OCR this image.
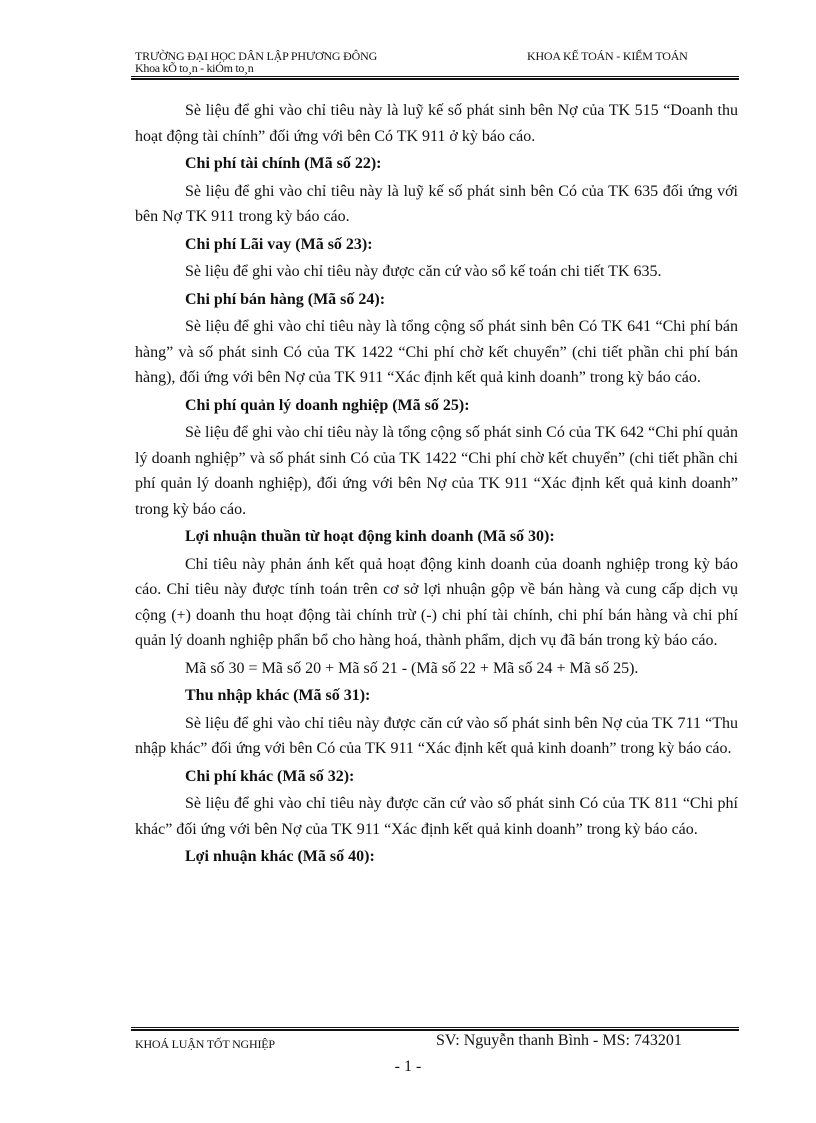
TRƯỜNG ĐẠI HỌC DÂN LẬP PHƯƠNG ĐÔNG
Khoa kÕ to¸n - kiÓm to¸n
KHOA KẾ TOÁN - KIỂM TOÁN

Sè liệu để ghi vào chỉ tiêu này là luỹ kế số phát sinh bên Nợ của TK 515 “Doanh thu hoạt động tài chính” đối ứng với bên Có TK 911 ở kỳ báo cáo.

Chi phí tài chính (Mã số 22):

Sè liệu để ghi vào chỉ tiêu này là luỹ kế số phát sinh bên Có của TK 635 đối ứng với bên Nợ TK 911 trong kỳ báo cáo.

Chi phí Lãi vay (Mã số 23):

Sè liệu để ghi vào chỉ tiêu này được căn cứ vào sổ kế toán chi tiết TK 635.

Chi phí bán hàng (Mã số 24):

Sè liệu để ghi vào chỉ tiêu này là tổng cộng số phát sinh bên Có TK 641 “Chi phí bán hàng” và số phát sinh Có của TK 1422 “Chi phí chờ kết chuyển” (chi tiết phần chi phí bán hàng), đối ứng với bên Nợ của TK 911 “Xác định kết quả kinh doanh” trong kỳ báo cáo.

Chi phí quản lý doanh nghiệp (Mã số 25):

Sè liệu để ghi vào chỉ tiêu này là tổng cộng số phát sinh Có của TK 642 “Chi phí quản lý doanh nghiệp” và số phát sinh Có của TK 1422 “Chi phí chờ kết chuyển” (chi tiết phần chi phí quản lý doanh nghiệp), đối ứng với bên Nợ của TK 911 “Xác định kết quả kinh doanh” trong kỳ báo cáo.

Lợi nhuận thuần từ hoạt động kinh doanh (Mã số 30):

Chỉ tiêu này phản ánh kết quả hoạt động kinh doanh của doanh nghiệp trong kỳ báo cáo. Chỉ tiêu này được tính toán trên cơ sở lợi nhuận gộp về bán hàng và cung cấp dịch vụ cộng (+) doanh thu hoạt động tài chính trừ (-) chi phí tài chính, chi phí bán hàng và chi phí quản lý doanh nghiệp phẩn bổ cho hàng hoá, thành phẩm, dịch vụ đã bán trong kỳ báo cáo.

Mã số 30 = Mã số 20 + Mã số 21 - (Mã số 22 + Mã số 24 + Mã số 25).

Thu nhập khác (Mã số 31):

Sè liệu để ghi vào chỉ tiêu này được căn cứ vào số phát sinh bên Nợ của TK 711 “Thu nhập khác” đối ứng với bên Có của TK 911 “Xác định kết quả kinh doanh” trong kỳ báo cáo.

Chi phí khác (Mã số 32):

Sè liệu để ghi vào chỉ tiêu này được căn cứ vào số phát sinh Có của TK 811 “Chi phí khác” đối ứng với bên Nợ của TK 911 “Xác định kết quả kinh doanh” trong kỳ báo cáo.

Lợi nhuận khác (Mã số 40):

KHOÁ LUẬN TỐT NGHIỆP	SV: Nguyễn thanh Bình - MS: 743201
- 1 -
